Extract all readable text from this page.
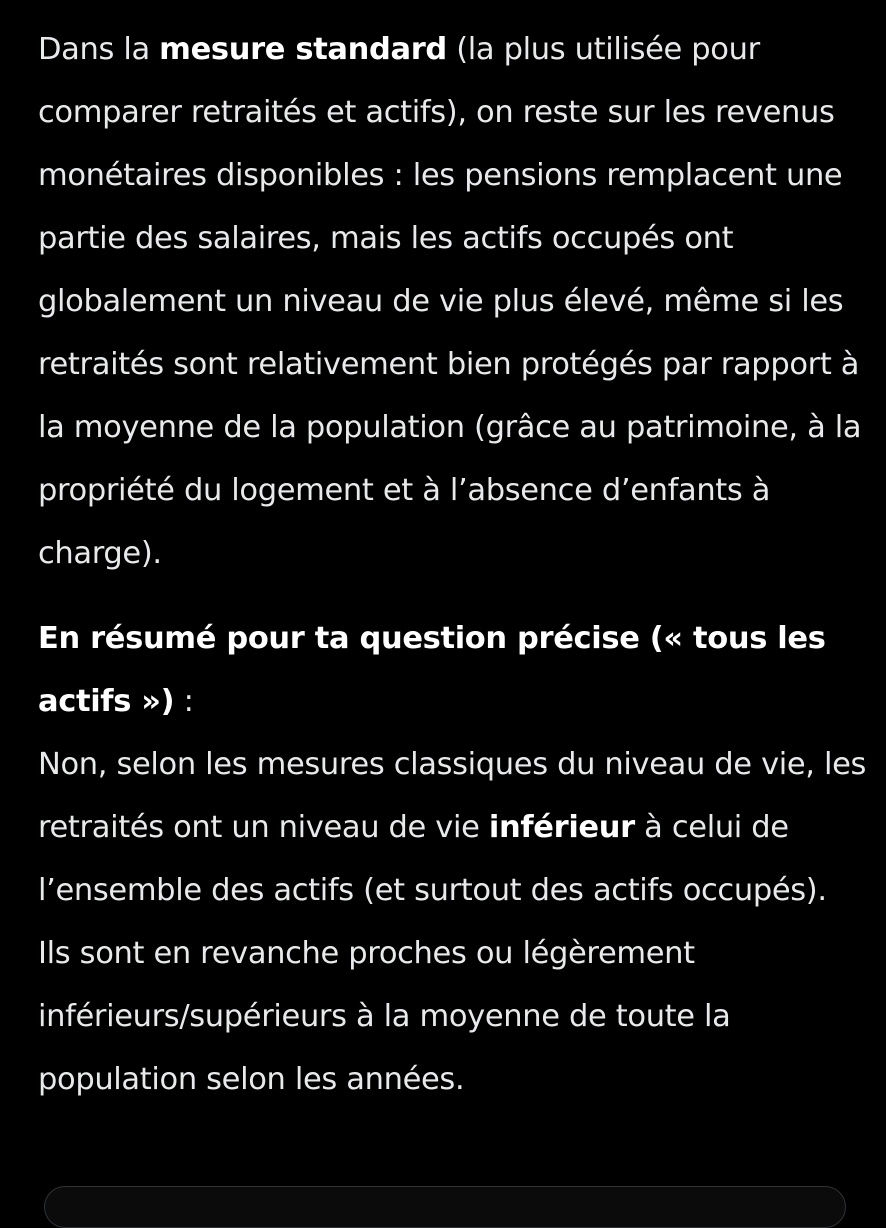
Dans la mesure standard (la plus utilisée pour comparer retraités et actifs), on reste sur les revenus monétaires disponibles : les pensions remplacent une partie des salaires, mais les actifs occupés ont globalement un niveau de vie plus élevé, même si les retraités sont relativement bien protégés par rapport à la moyenne de la population (grâce au patrimoine, à la propriété du logement et à l’absence d’enfants à charge).

En résumé pour ta question précise (« tous les actifs ») :

Non, selon les mesures classiques du niveau de vie, les retraités ont un niveau de vie inférieur à celui de l’ensemble des actifs (et surtout des actifs occupés). Ils sont en revanche proches ou légèrement inférieurs/supérieurs à la moyenne de toute la population selon les années.
